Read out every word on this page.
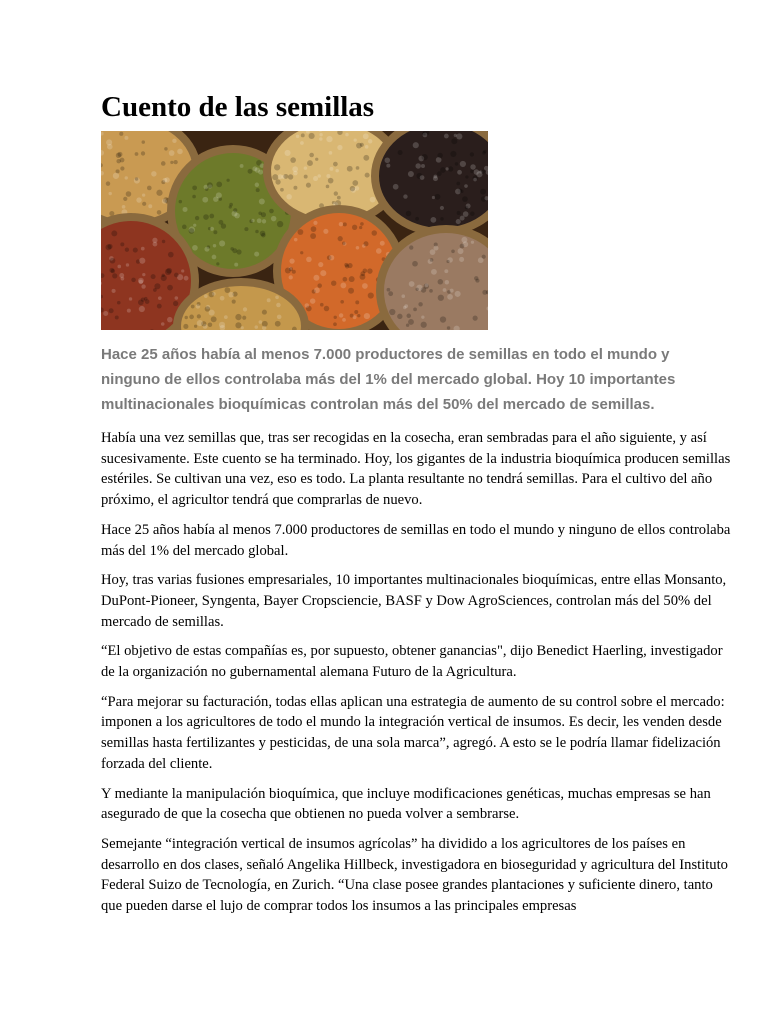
Cuento de las semillas

Hace 25 años había al menos 7.000 productores de semillas en todo el mundo y ninguno de ellos controlaba más del 1% del mercado global. Hoy 10 importantes multinacionales bioquímicas controlan más del 50% del mercado de semillas.

Había una vez semillas que, tras ser recogidas en la cosecha, eran sembradas para el año siguiente, y así sucesivamente. Este cuento se ha terminado. Hoy, los gigantes de la industria bioquímica producen semillas estériles. Se cultivan una vez, eso es todo. La planta resultante no tendrá semillas. Para el cultivo del año próximo, el agricultor tendrá que comprarlas de nuevo.

Hace 25 años había al menos 7.000 productores de semillas en todo el mundo y ninguno de ellos controlaba más del 1% del mercado global.

Hoy, tras varias fusiones empresariales, 10 importantes multinacionales bioquímicas, entre ellas Monsanto, DuPont-Pioneer, Syngenta, Bayer Cropsciencie, BASF y Dow AgroSciences, controlan más del 50% del mercado de semillas.

“El objetivo de estas compañías es, por supuesto, obtener ganancias", dijo Benedict Haerling, investigador de la organización no gubernamental alemana Futuro de la Agricultura.

“Para mejorar su facturación, todas ellas aplican una estrategia de aumento de su control sobre el mercado: imponen a los agricultores de todo el mundo la integración vertical de insumos. Es decir, les venden desde semillas hasta fertilizantes y pesticidas, de una sola marca”, agregó. A esto se le podría llamar fidelización forzada del cliente.

Y mediante la manipulación bioquímica, que incluye modificaciones genéticas, muchas empresas se han asegurado de que la cosecha que obtienen no pueda volver a sembrarse.

Semejante “integración vertical de insumos agrícolas” ha dividido a los agricultores de los países en desarrollo en dos clases, señaló Angelika Hillbeck, investigadora en bioseguridad y agricultura del Instituto Federal Suizo de Tecnología, en Zurich. “Una clase posee grandes plantaciones y suficiente dinero, tanto que pueden darse el lujo de comprar todos los insumos a las principales empresas
